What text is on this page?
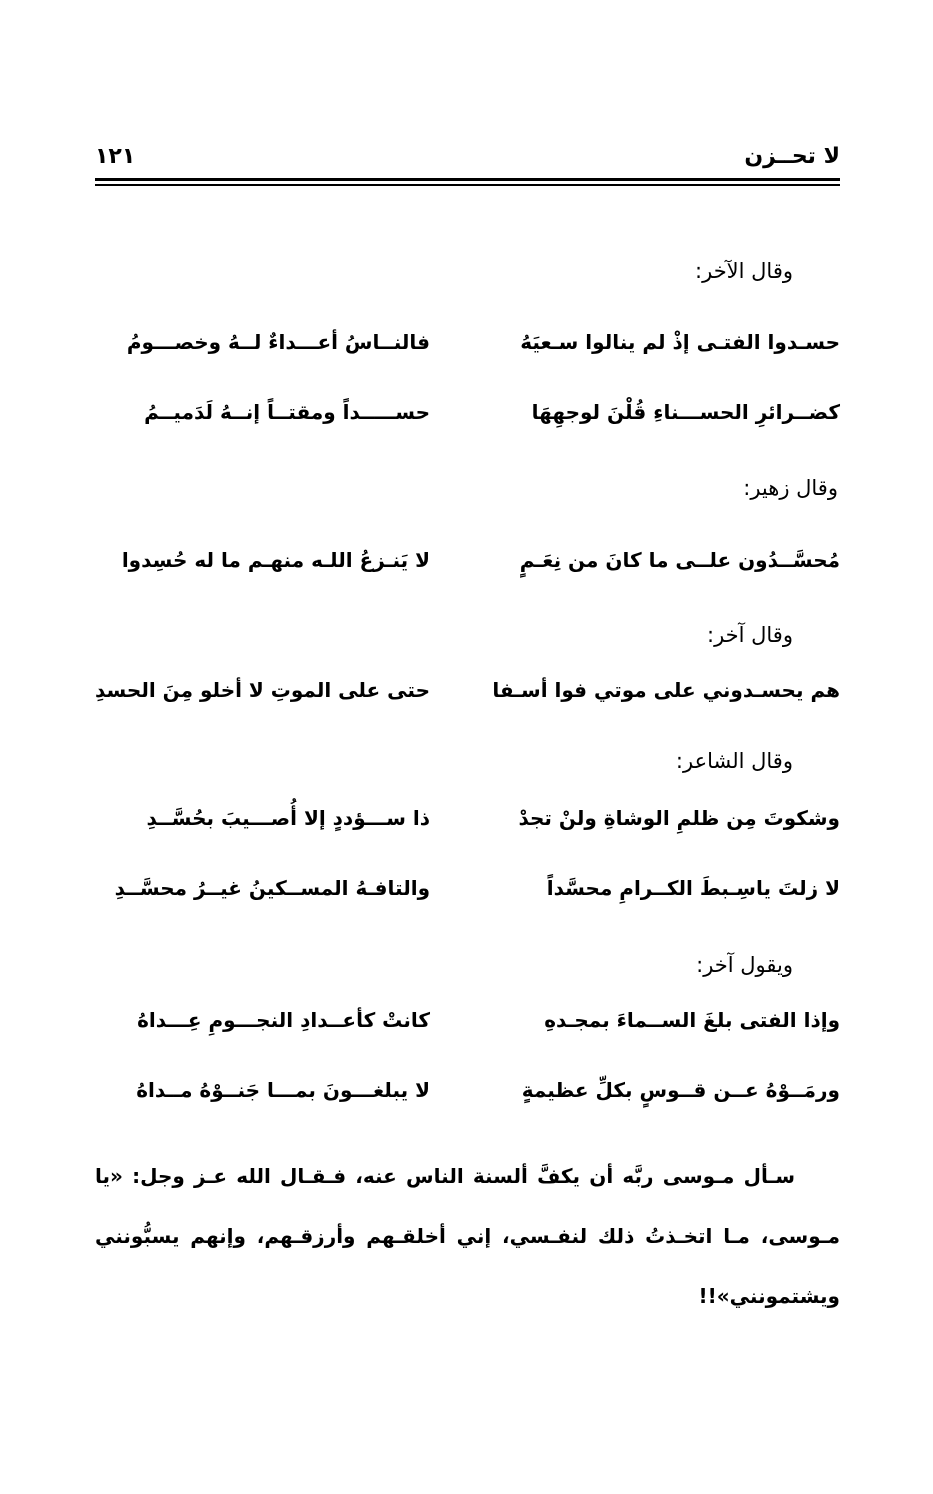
لا تحــزن
١٢١
وقال الآخر:
حسـدوا الفتـى إذْ لم ينالوا سـعيَهُ
فالنــاسُ أعـــداءٌ لــهُ وخصـــومُ
كضــرائرِ الحســـناءِ قُلْنَ لوجهِهَا
حســـــداً ومقتــاً إنــهُ لَدَميــمُ
وقال زهير:
مُحسَّــدُون علــى ما كانَ من نِعَـمٍ
لا يَنـزعُ اللـه منهـم ما له حُسِدوا
وقال آخر:
هم يحسـدوني على موتي فوا أسـفا
حتى على الموتِ لا أخلو مِنَ الحسدِ
وقال الشاعر:
وشكوتَ مِن ظلمِ الوشاةِ ولنْ تجدْ
ذا ســـؤددٍ إلا أُصـــيبَ بحُسَّــدِ
لا زلتَ ياسِـبطَ الكــرامِ محسَّداً
والتافـهُ المســكينُ غيــرُ محسَّــدِ
ويقول آخر:
وإذا الفتى بلغَ الســماءَ بمجـدهِ
كانتْ كأعــدادِ النجـــومِ عِـــداهُ
ورمَــوْهُ عــن قــوسٍ بكلِّ عظيمةٍ
لا يبلغـــونَ بمـــا جَنــوْهُ مــداهُ

سـأل مـوسى ربَّه أن يكفَّ ألسنة الناس عنه، فـقـال الله عـز وجل: «يا مـوسى، مـا اتخـذتُ ذلك لنفـسي، إني أخلقـهم وأرزقـهم، وإنهم يسبُّونني ويشتمونني»!!
